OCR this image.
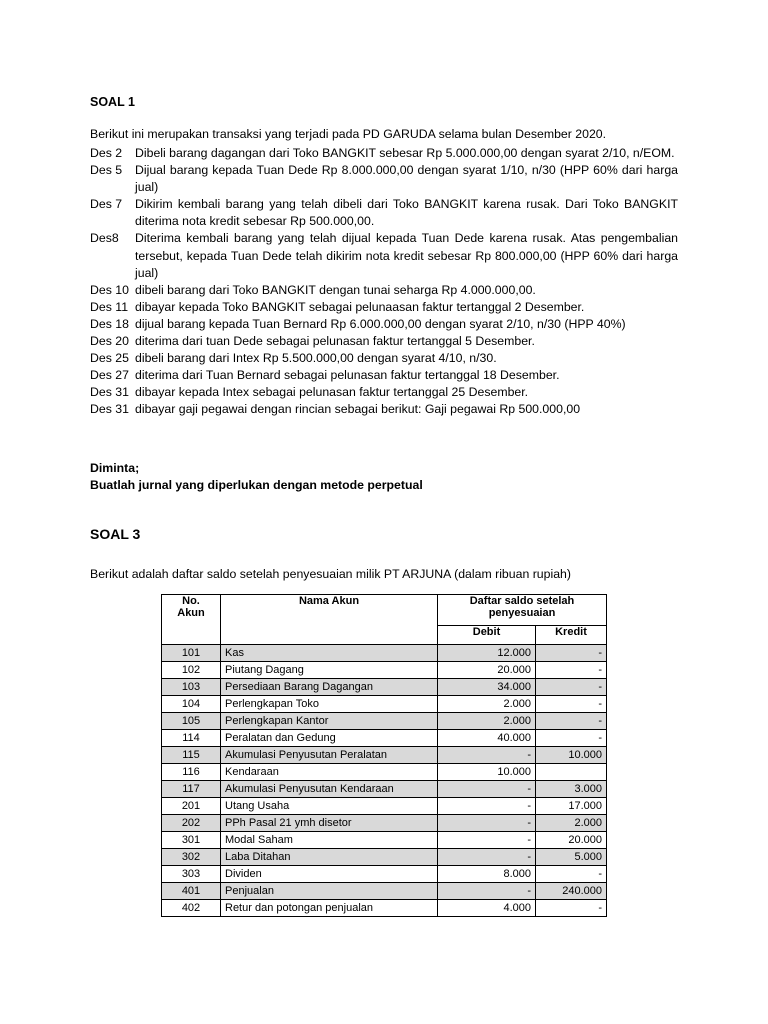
SOAL 1
Berikut ini merupakan transaksi yang terjadi pada PD GARUDA selama bulan Desember 2020.
Des 2	Dibeli barang dagangan dari Toko BANGKIT sebesar Rp 5.000.000,00 dengan syarat 2/10, n/EOM.
Des 5	Dijual barang kepada Tuan Dede Rp 8.000.000,00 dengan syarat 1/10, n/30 (HPP 60% dari harga jual)
Des 7	Dikirim kembali barang yang telah dibeli dari Toko BANGKIT karena rusak. Dari Toko BANGKIT diterima nota kredit sebesar Rp 500.000,00.
Des8	Diterima kembali barang yang telah dijual kepada Tuan Dede karena rusak. Atas pengembalian tersebut, kepada Tuan Dede telah dikirim nota kredit sebesar Rp 800.000,00 (HPP 60% dari harga jual)
Des 10 dibeli barang dari Toko BANGKIT dengan tunai seharga Rp 4.000.000,00.
Des 11 dibayar kepada Toko BANGKIT sebagai pelunaasan faktur tertanggal 2 Desember.
Des 18 dijual barang kepada Tuan Bernard Rp 6.000.000,00 dengan syarat 2/10, n/30 (HPP 40%)
Des 20 diterima dari tuan Dede sebagai pelunasan faktur tertanggal 5 Desember.
Des 25 dibeli barang dari Intex Rp 5.500.000,00 dengan syarat 4/10, n/30.
Des 27 diterima dari Tuan Bernard sebagai pelunasan faktur tertanggal 18 Desember.
Des 31 dibayar kepada Intex sebagai pelunasan faktur tertanggal 25 Desember.
Des 31 dibayar gaji pegawai dengan rincian sebagai berikut: Gaji pegawai Rp 500.000,00
Diminta;
Buatlah jurnal yang diperlukan dengan metode perpetual
SOAL 3
Berikut adalah daftar saldo setelah penyesuaian milik PT ARJUNA (dalam ribuan rupiah)
No.
Akun	Nama Akun	Daftar saldo setelah
penyesuaian	

		Debit	Kredit
101	Kas	12.000	-
102	Piutang Dagang	20.000	-
103	Persediaan Barang Dagangan	34.000	-
104	Perlengkapan Toko	2.000	-
105	Perlengkapan Kantor	2.000	-
114	Peralatan dan Gedung	40.000	-
115	Akumulasi Penyusutan Peralatan	-	10.000
116	Kendaraan	10.000	
117	Akumulasi Penyusutan Kendaraan	-	3.000
201	Utang Usaha	-	17.000
202	PPh Pasal 21 ymh disetor	-	2.000
301	Modal Saham	-	20.000
302	Laba Ditahan	-	5.000
303	Dividen	8.000	-
401	Penjualan	-	240.000
402	Retur dan potongan penjualan	4.000	-
